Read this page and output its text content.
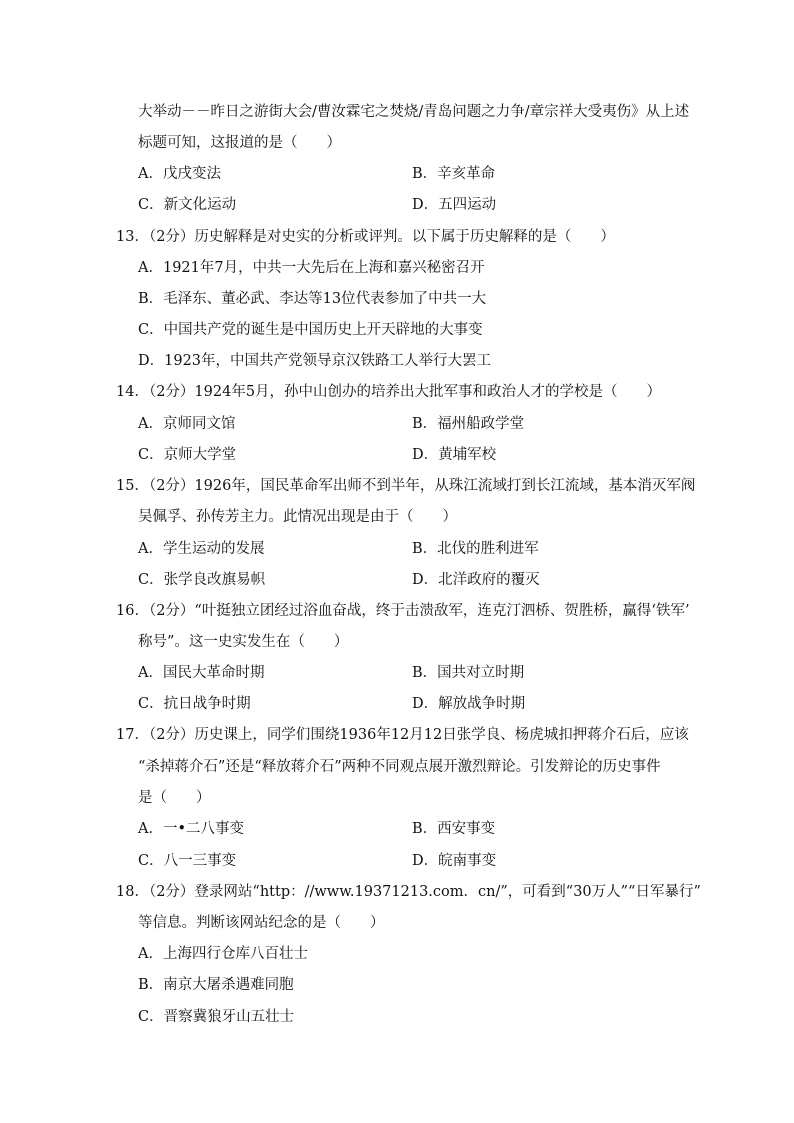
大举动－－昨日之游街大会/曹汝霖宅之焚烧/青岛问题之力争/章宗祥大受夷伤》从上述
标题可知，这报道的是（　　）
A．戊戌变法	B．辛亥革命
C．新文化运动	D．五四运动
13．（2分）历史解释是对史实的分析或评判。以下属于历史解释的是（　　）
A．1921年7月，中共一大先后在上海和嘉兴秘密召开
B．毛泽东、董必武、李达等13位代表参加了中共一大
C．中国共产党的诞生是中国历史上开天辟地的大事变
D．1923年，中国共产党领导京汉铁路工人举行大罢工
14．（2分）1924年5月，孙中山创办的培养出大批军事和政治人才的学校是（　　）
A．京师同文馆	B．福州船政学堂
C．京师大学堂	D．黄埔军校
15．（2分）1926年，国民革命军出师不到半年，从珠江流域打到长江流域，基本消灭军阀
吴佩孚、孙传芳主力。此情况出现是由于（　　）
A．学生运动的发展	B．北伐的胜利进军
C．张学良改旗易帜	D．北洋政府的覆灭
16．（2分）“叶挺独立团经过浴血奋战，终于击溃敌军，连克汀泗桥、贺胜桥，赢得‘铁军’
称号”。这一史实发生在（　　）
A．国民大革命时期	B．国共对立时期
C．抗日战争时期	D．解放战争时期
17．（2分）历史课上，同学们围绕1936年12月12日张学良、杨虎城扣押蒋介石后，应该
“杀掉蒋介石”还是“释放蒋介石”两种不同观点展开激烈辩论。引发辩论的历史事件
是（　　）
A．一•二八事变	B．西安事变
C．八一三事变	D．皖南事变
18．（2分）登录网站“http：//www.19371213.com．cn/”，可看到“30万人”“日军暴行”
等信息。判断该网站纪念的是（　　）
A．上海四行仓库八百壮士
B．南京大屠杀遇难同胞
C．晋察冀狼牙山五壮士
